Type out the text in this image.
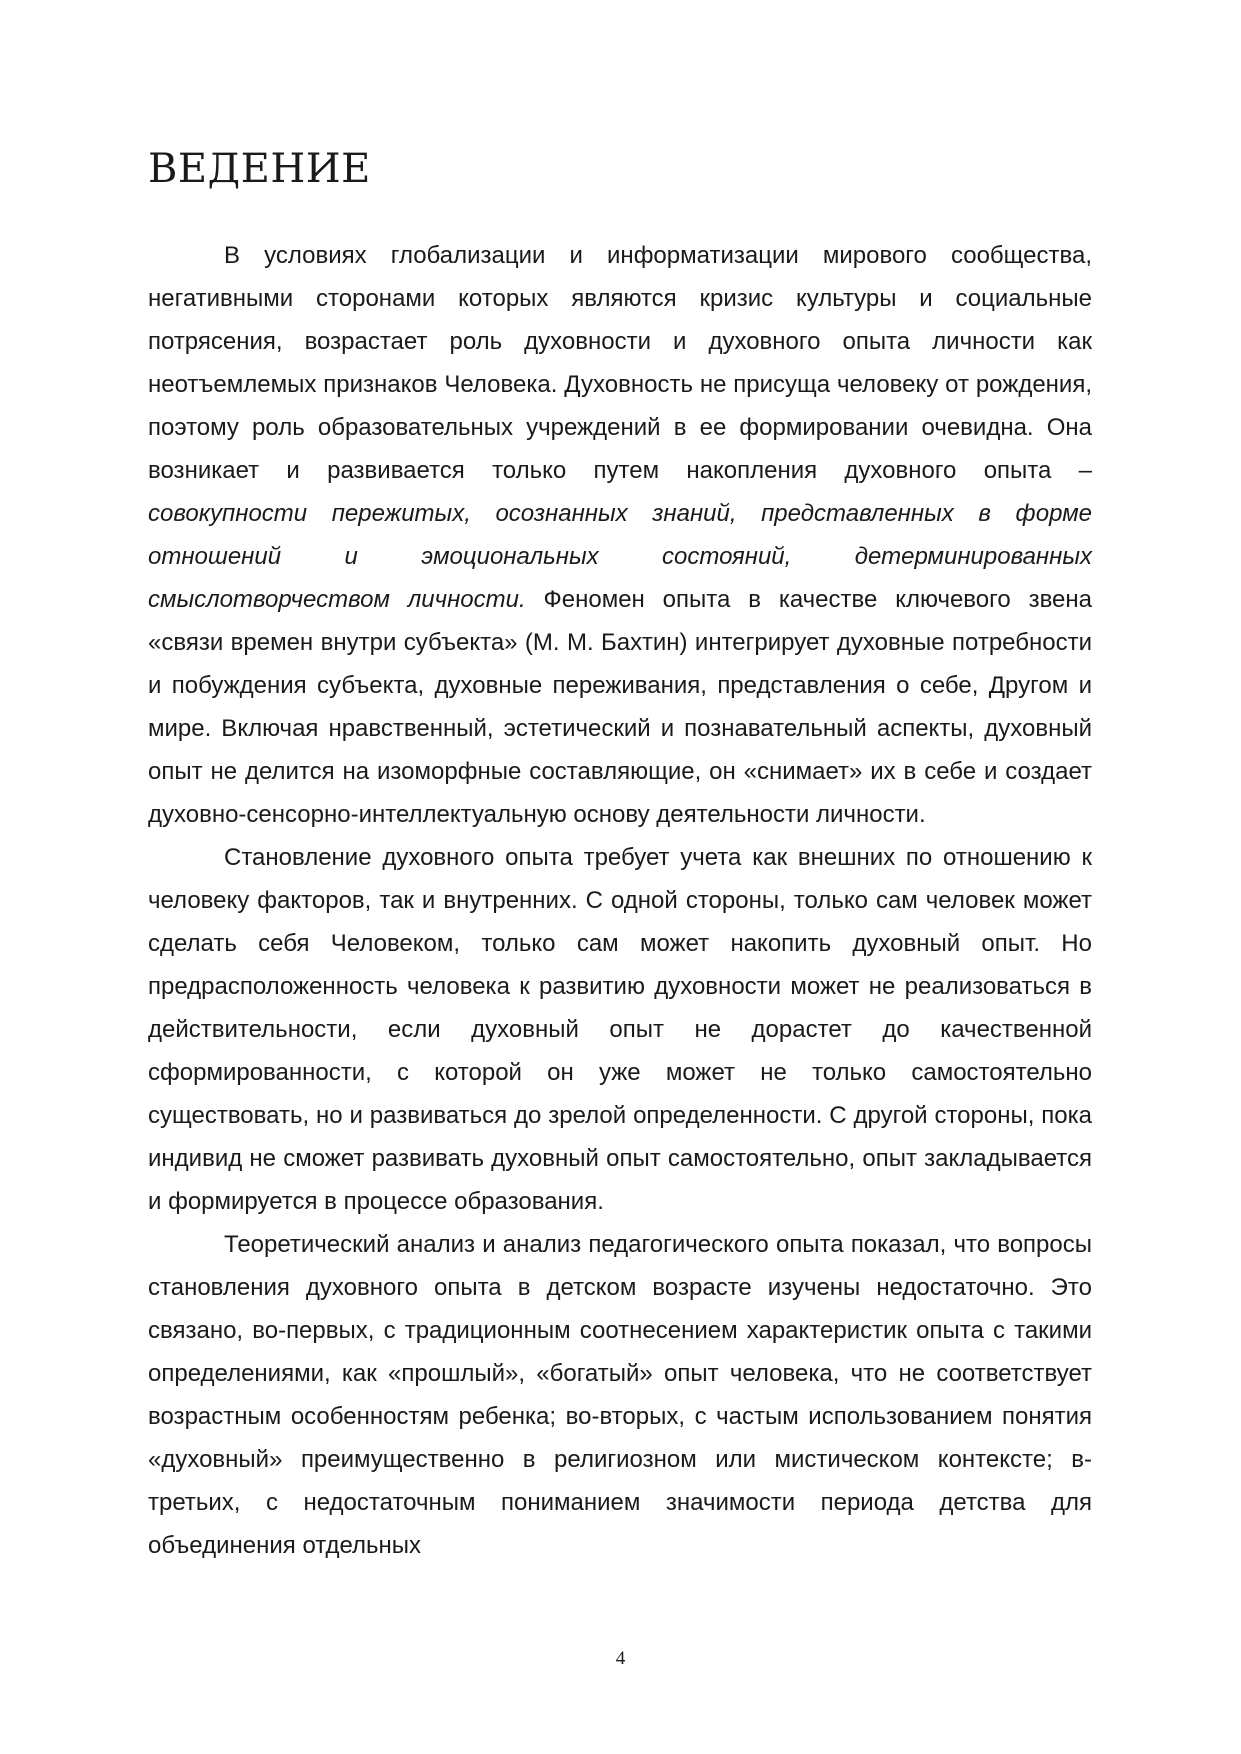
ВЕДЕНИЕ

В условиях глобализации и информатизации мирового сообщества, негативными сторонами которых являются кризис культуры и социальные потрясения, возрастает роль духовности и духовного опыта личности как неотъемлемых признаков Человека. Духовность не присуща человеку от рождения, поэтому роль образовательных учреждений в ее формировании очевидна. Она возникает и развивается только путем накопления духовного опыта – совокупности пережитых, осознанных знаний, представленных в форме отношений и эмоциональных состояний, детерминированных смыслотворчеством личности. Феномен опыта в качестве ключевого звена «связи времен внутри субъекта» (М. М. Бахтин) интегрирует духовные потребности и побуждения субъекта, духовные переживания, представления о себе, Другом и мире. Включая нравственный, эстетический и познавательный аспекты, духовный опыт не делится на изоморфные составляющие, он «снимает» их в себе и создает духовно-сенсорно-интеллектуальную основу деятельности личности.

Становление духовного опыта требует учета как внешних по отношению к человеку факторов, так и внутренних. С одной стороны, только сам человек может сделать себя Человеком, только сам может накопить духовный опыт. Но предрасположенность человека к развитию духовности может не реализоваться в действительности, если духовный опыт не дорастет до качественной сформированности, с которой он уже может не только самостоятельно существовать, но и развиваться до зрелой определенности. С другой стороны, пока индивид не сможет развивать духовный опыт самостоятельно, опыт закладывается и формируется в процессе образования.

Теоретический анализ и анализ педагогического опыта показал, что вопросы становления духовного опыта в детском возрасте изучены недостаточно. Это связано, во-первых, с традиционным соотнесением характеристик опыта с такими определениями, как «прошлый», «богатый» опыт человека, что не соответствует возрастным особенностям ребенка; во-вторых, с частым использованием понятия «духовный» преимущественно в религиозном или мистическом контексте; в-третьих, с недостаточным пониманием значимости периода детства для объединения отдельных

4
